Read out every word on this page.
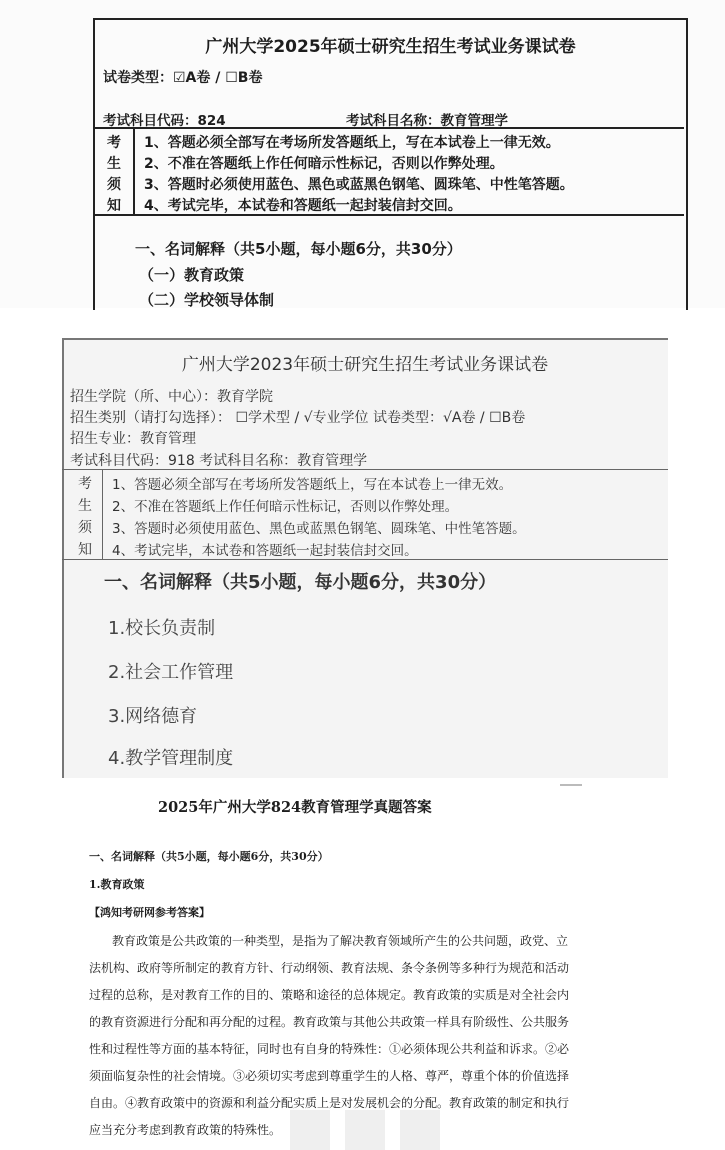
广州大学2025年硕士研究生招生考试业务课试卷
试卷类型：☑A卷 / ☐B卷
考试科目代码：824	考试科目名称：教育管理学
考
生
须
知
1、答题必须全部写在考场所发答题纸上，写在本试卷上一律无效。
2、不准在答题纸上作任何暗示性标记，否则以作弊处理。
3、答题时必须使用蓝色、黑色或蓝黑色钢笔、圆珠笔、中性笔答题。
4、考试完毕，本试卷和答题纸一起封装信封交回。
一、名词解释（共5小题，每小题6分，共30分）
（一）教育政策
（二）学校领导体制
广州大学2023年硕士研究生招生考试业务课试卷
招生学院（所、中心）：教育学院
招生类别（请打勾选择）： ☐学术型 / √专业学位 试卷类型：√A卷 / ☐B卷
招生专业：教育管理
考试科目代码：918 考试科目名称：教育管理学
考
生
须
知
1、答题必须全部写在考场所发答题纸上，写在本试卷上一律无效。
2、不准在答题纸上作任何暗示性标记，否则以作弊处理。
3、答题时必须使用蓝色、黑色或蓝黑色钢笔、圆珠笔、中性笔答题。
4、考试完毕，本试卷和答题纸一起封装信封交回。
一、名词解释（共5小题，每小题6分，共30分）
1.校长负责制
2.社会工作管理
3.网络德育
4.教学管理制度
2025年广州大学824教育管理学真题答案
一、名词解释（共5小题，每小题6分，共30分）
1.教育政策
【鸿知考研网参考答案】
教育政策是公共政策的一种类型，是指为了解决教育领域所产生的公共问题，政党、立
法机构、政府等所制定的教育方针、行动纲领、教育法规、条令条例等多种行为规范和活动
过程的总称，是对教育工作的目的、策略和途径的总体规定。教育政策的实质是对全社会内
的教育资源进行分配和再分配的过程。教育政策与其他公共政策一样具有阶级性、公共服务
性和过程性等方面的基本特征，同时也有自身的特殊性：①必须体现公共利益和诉求。②必
须面临复杂性的社会情境。③必须切实考虑到尊重学生的人格、尊严，尊重个体的价值选择
自由。④教育政策中的资源和利益分配实质上是对发展机会的分配。教育政策的制定和执行
应当充分考虑到教育政策的特殊性。
